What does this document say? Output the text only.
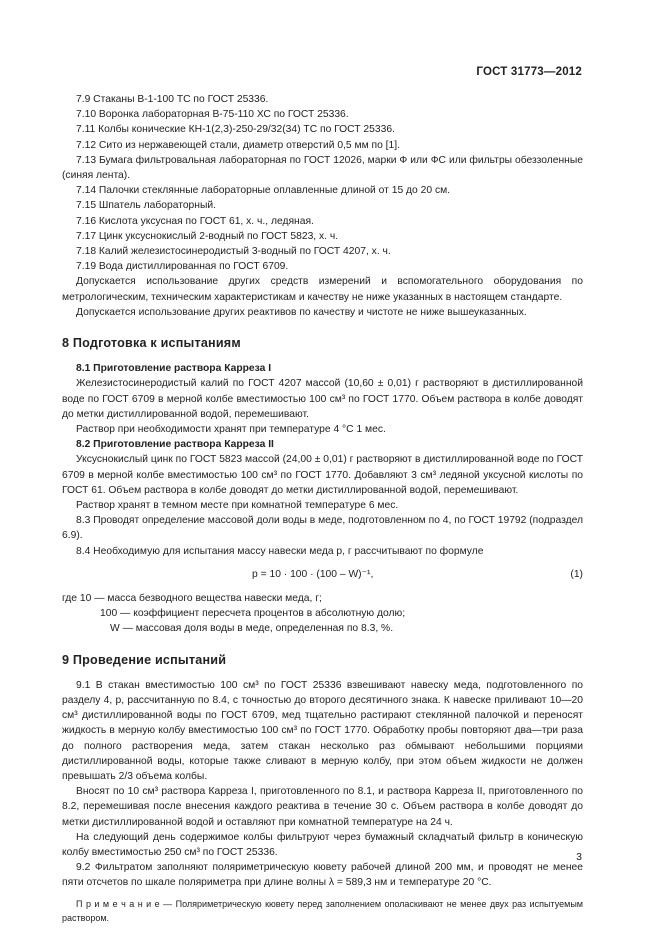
ГОСТ 31773—2012

7.9 Стаканы В-1-100 ТС по ГОСТ 25336.

7.10 Воронка лабораторная В-75-110 ХС по ГОСТ 25336.

7.11 Колбы конические КН-1(2,3)-250-29/32(34) ТС по ГОСТ 25336.

7.12 Сито из нержавеющей стали, диаметр отверстий 0,5 мм по [1].

7.13 Бумага фильтровальная лабораторная по ГОСТ 12026, марки Ф или ФС или фильтры обеззоленные (синяя лента).

7.14 Палочки стеклянные лабораторные оплавленные длиной от 15 до 20 см.

7.15 Шпатель лабораторный.

7.16 Кислота уксусная по ГОСТ 61, х. ч., ледяная.

7.17 Цинк уксуснокислый 2-водный по ГОСТ 5823, х. ч.

7.18 Калий железистосинеродистый 3-водный по ГОСТ 4207, х. ч.

7.19 Вода дистиллированная по ГОСТ 6709.

Допускается использование других средств измерений и вспомогательного оборудования по метрологическим, техническим характеристикам и качеству не ниже указанных в настоящем стандарте.

Допускается использование других реактивов по качеству и чистоте не ниже вышеуказанных.

8 Подготовка к испытаниям

8.1 Приготовление раствора Карреза I

Железистосинеродистый калий по ГОСТ 4207 массой (10,60 ± 0,01) г растворяют в дистиллированной воде по ГОСТ 6709 в мерной колбе вместимостью 100 см³ по ГОСТ 1770. Объем раствора в колбе доводят до метки дистиллированной водой, перемешивают.

Раствор при необходимости хранят при температуре 4 °С 1 мес.

8.2 Приготовление раствора Карреза II

Уксуснокислый цинк по ГОСТ 5823 массой (24,00 ± 0,01) г растворяют в дистиллированной воде по ГОСТ 6709 в мерной колбе вместимостью 100 см³ по ГОСТ 1770. Добавляют 3 см³ ледяной уксусной кислоты по ГОСТ 61. Объем раствора в колбе доводят до метки дистиллированной водой, перемешивают.

Раствор хранят в темном месте при комнатной температуре 6 мес.

8.3 Проводят определение массовой доли воды в меде, подготовленном по 4, по ГОСТ 19792 (подраздел 6.9).

8.4 Необходимую для испытания массу навески меда p, г рассчитывают по формуле

p = 10 · 100 · (100 – W)⁻¹,	(1)

где 10 — масса безводного вещества навески меда, г;

100 — коэффициент пересчета процентов в абсолютную долю;

W — массовая доля воды в меде, определенная по 8.3, %.

9 Проведение испытаний

9.1 В стакан вместимостью 100 см³ по ГОСТ 25336 взвешивают навеску меда, подготовленного по разделу 4, p, рассчитанную по 8.4, с точностью до второго десятичного знака. К навеске приливают 10—20 см³ дистиллированной воды по ГОСТ 6709, мед тщательно растирают стеклянной палочкой и переносят жидкость в мерную колбу вместимостью 100 см³ по ГОСТ 1770. Обработку пробы повторяют два—три раза до полного растворения меда, затем стакан несколько раз обмывают небольшими порциями дистиллированной воды, которые также сливают в мерную колбу, при этом объем жидкости не должен превышать 2/3 объема колбы.

Вносят по 10 см³ раствора Карреза I, приготовленного по 8.1, и раствора Карреза II, приготовленного по 8.2, перемешивая после внесения каждого реактива в течение 30 с. Объем раствора в колбе доводят до метки дистиллированной водой и оставляют при комнатной температуре на 24 ч.

На следующий день содержимое колбы фильтруют через бумажный складчатый фильтр в коническую колбу вместимостью 250 см³ по ГОСТ 25336.

9.2 Фильтратом заполняют поляриметрическую кювету рабочей длиной 200 мм, и проводят не менее пяти отсчетов по шкале поляриметра при длине волны λ = 589,3 нм и температуре 20 °С.

П р и м е ч а н и е — Поляриметрическую кювету перед заполнением ополаскивают не менее двух раз испытуемым раствором.

3
